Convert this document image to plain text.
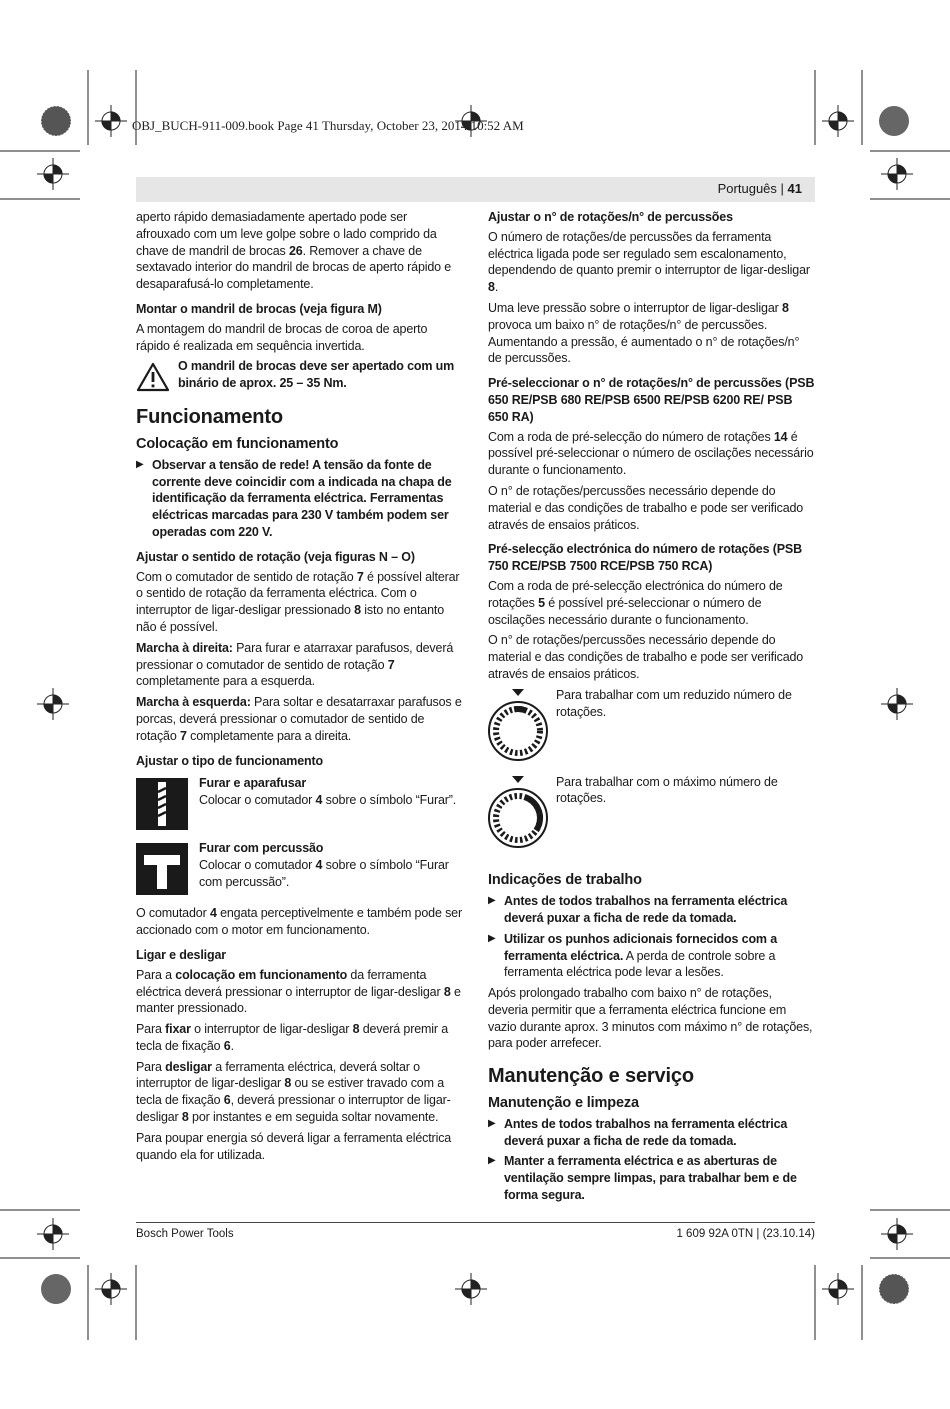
OBJ_BUCH-911-009.book Page 41 Thursday, October 23, 2014 10:52 AM
Português | 41

aperto rápido demasiadamente apertado pode ser afrouxado com um leve golpe sobre o lado comprido da chave de mandril de brocas 26. Remover a chave de sextavado interior do mandril de brocas de aperto rápido e desaparafusá-lo completamente.

Montar o mandril de brocas (veja figura M)

A montagem do mandril de brocas de coroa de aperto rápido é realizada em sequência invertida.

O mandril de brocas deve ser apertado com um binário de aprox. 25 – 35 Nm.
Funcionamento
Colocação em funcionamento
▶ Observar a tensão de rede! A tensão da fonte de corrente deve coincidir com a indicada na chapa de identificação da ferramenta eléctrica. Ferramentas eléctricas marcadas para 230 V também podem ser operadas com 220 V.
Ajustar o sentido de rotação (veja figuras N – O)

Com o comutador de sentido de rotação 7 é possível alterar o sentido de rotação da ferramenta eléctrica. Com o interruptor de ligar-desligar pressionado 8 isto no entanto não é possível.

Marcha à direita: Para furar e atarraxar parafusos, deverá pressionar o comutador de sentido de rotação 7 completamente para a esquerda.

Marcha à esquerda: Para soltar e desatarraxar parafusos e porcas, deverá pressionar o comutador de sentido de rotação 7 completamente para a direita.

Ajustar o tipo de funcionamento
Furar e aparafusar
Colocar o comutador 4 sobre o símbolo “Furar”.
Furar com percussão
Colocar o comutador 4 sobre o símbolo “Furar com percussão”.

O comutador 4 engata perceptivelmente e também pode ser accionado com o motor em funcionamento.

Ligar e desligar

Para a colocação em funcionamento da ferramenta eléctrica deverá pressionar o interruptor de ligar-desligar 8 e manter pressionado.

Para fixar o interruptor de ligar-desligar 8 deverá premir a tecla de fixação 6.

Para desligar a ferramenta eléctrica, deverá soltar o interruptor de ligar-desligar 8 ou se estiver travado com a tecla de fixação 6, deverá pressionar o interruptor de ligar-desligar 8 por instantes e em seguida soltar novamente.

Para poupar energia só deverá ligar a ferramenta eléctrica quando ela for utilizada.

Ajustar o n° de rotações/n° de percussões

O número de rotações/de percussões da ferramenta eléctrica ligada pode ser regulado sem escalonamento, dependendo de quanto premir o interruptor de ligar-desligar 8.

Uma leve pressão sobre o interruptor de ligar-desligar 8 provoca um baixo n° de rotações/n° de percussões. Aumentando a pressão, é aumentado o n° de rotações/n° de percussões.

Pré-seleccionar o n° de rotações/n° de percussões (PSB 650 RE/PSB 680 RE/PSB 6500 RE/PSB 6200 RE/ PSB 650 RA)

Com a roda de pré-selecção do número de rotações 14 é possível pré-seleccionar o número de oscilações necessário durante o funcionamento.

O n° de rotações/percussões necessário depende do material e das condições de trabalho e pode ser verificado através de ensaios práticos.

Pré-selecção electrónica do número de rotações (PSB 750 RCE/PSB 7500 RCE/PSB 750 RCA)

Com a roda de pré-selecção electrónica do número de rotações 5 é possível pré-seleccionar o número de oscilações necessário durante o funcionamento.

O n° de rotações/percussões necessário depende do material e das condições de trabalho e pode ser verificado através de ensaios práticos.

Para trabalhar com um reduzido número de rotações.
Para trabalhar com o máximo número de rotações.
Indicações de trabalho
▶ Antes de todos trabalhos na ferramenta eléctrica deverá puxar a ficha de rede da tomada.
▶ Utilizar os punhos adicionais fornecidos com a ferramenta eléctrica. A perda de controle sobre a ferramenta eléctrica pode levar a lesões.

Após prolongado trabalho com baixo n° de rotações, deveria permitir que a ferramenta eléctrica funcione em vazio durante aprox. 3 minutos com máximo n° de rotações, para poder arrefecer.

Manutenção e serviço
Manutenção e limpeza
▶ Antes de todos trabalhos na ferramenta eléctrica deverá puxar a ficha de rede da tomada.
▶ Manter a ferramenta eléctrica e as aberturas de ventilação sempre limpas, para trabalhar bem e de forma segura.
Bosch Power Tools	1 609 92A 0TN | (23.10.14)
